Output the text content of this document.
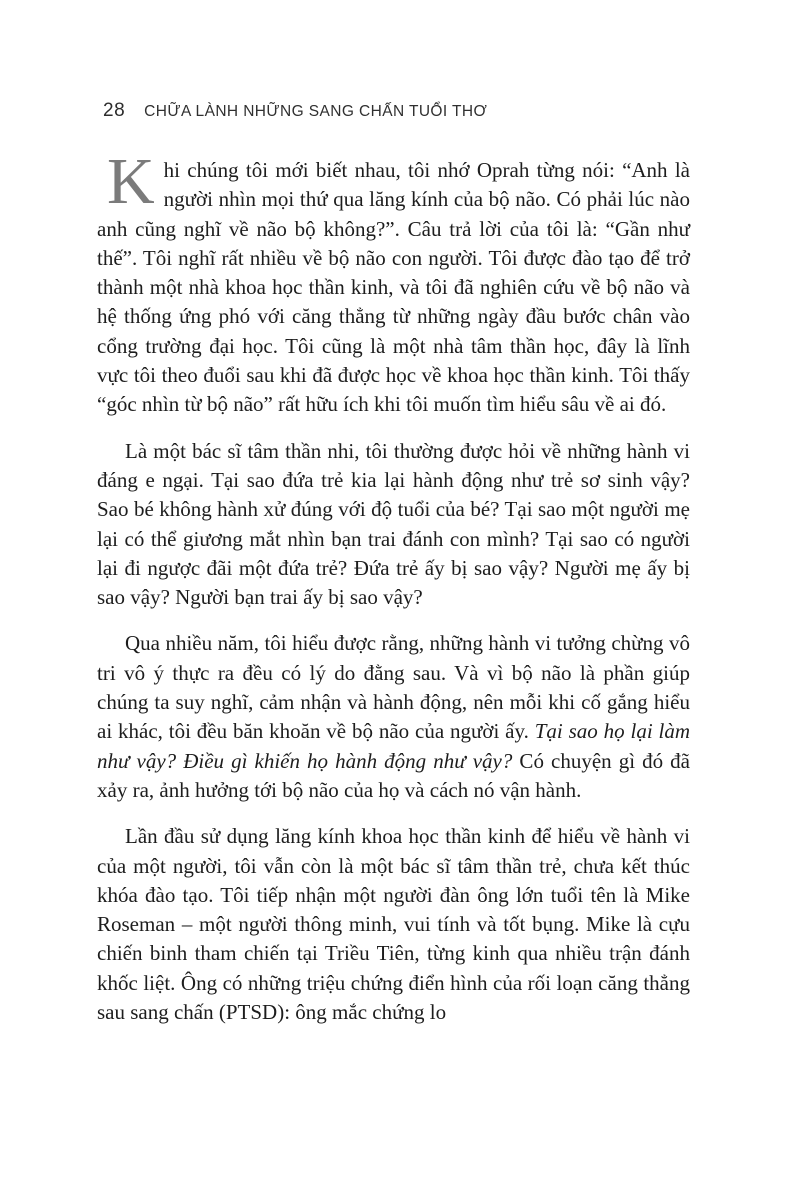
28 CHỮA LÀNH NHỮNG SANG CHẤN TUỔI THƠ

Khi chúng tôi mới biết nhau, tôi nhớ Oprah từng nói: “Anh là người nhìn mọi thứ qua lăng kính của bộ não. Có phải lúc nào anh cũng nghĩ về não bộ không?”. Câu trả lời của tôi là: “Gần như thế”. Tôi nghĩ rất nhiều về bộ não con người. Tôi được đào tạo để trở thành một nhà khoa học thần kinh, và tôi đã nghiên cứu về bộ não và hệ thống ứng phó với căng thẳng từ những ngày đầu bước chân vào cổng trường đại học. Tôi cũng là một nhà tâm thần học, đây là lĩnh vực tôi theo đuổi sau khi đã được học về khoa học thần kinh. Tôi thấy “góc nhìn từ bộ não” rất hữu ích khi tôi muốn tìm hiểu sâu về ai đó.

Là một bác sĩ tâm thần nhi, tôi thường được hỏi về những hành vi đáng e ngại. Tại sao đứa trẻ kia lại hành động như trẻ sơ sinh vậy? Sao bé không hành xử đúng với độ tuổi của bé? Tại sao một người mẹ lại có thể giương mắt nhìn bạn trai đánh con mình? Tại sao có người lại đi ngược đãi một đứa trẻ? Đứa trẻ ấy bị sao vậy? Người mẹ ấy bị sao vậy? Người bạn trai ấy bị sao vậy?

Qua nhiều năm, tôi hiểu được rằng, những hành vi tưởng chừng vô tri vô ý thực ra đều có lý do đằng sau. Và vì bộ não là phần giúp chúng ta suy nghĩ, cảm nhận và hành động, nên mỗi khi cố gắng hiểu ai khác, tôi đều băn khoăn về bộ não của người ấy. Tại sao họ lại làm như vậy? Điều gì khiến họ hành động như vậy? Có chuyện gì đó đã xảy ra, ảnh hưởng tới bộ não của họ và cách nó vận hành.

Lần đầu sử dụng lăng kính khoa học thần kinh để hiểu về hành vi của một người, tôi vẫn còn là một bác sĩ tâm thần trẻ, chưa kết thúc khóa đào tạo. Tôi tiếp nhận một người đàn ông lớn tuổi tên là Mike Roseman – một người thông minh, vui tính và tốt bụng. Mike là cựu chiến binh tham chiến tại Triều Tiên, từng kinh qua nhiều trận đánh khốc liệt. Ông có những triệu chứng điển hình của rối loạn căng thẳng sau sang chấn (PTSD): ông mắc chứng lo
